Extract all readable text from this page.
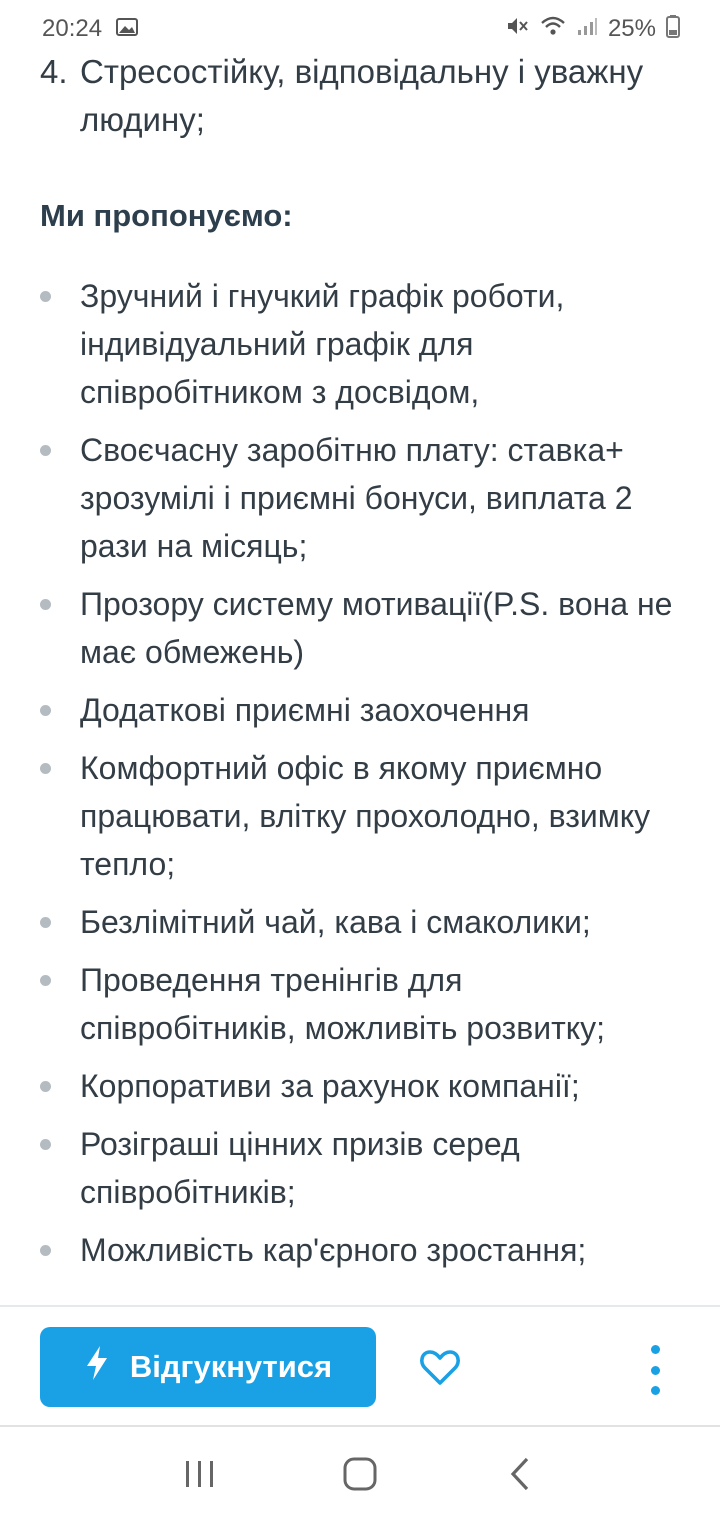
20:24	25%
4. Стресостійку, відповідальну і уважну людину;
Ми пропонуємо:
Зручний і гнучкий графік роботи, індивідуальний графік для співробітником з досвідом,
Своєчасну заробітню плату: ставка+ зрозумілі і приємні бонуси, виплата 2 рази на місяць;
Прозору систему мотивації(P.S. вона не має обмежень)
Додаткові приємні заохочення
Комфортний офіс в якому приємно працювати, влітку прохолодно, взимку тепло;
Безлімітний чай, кава і смаколики;
Проведення тренінгів для співробітників, можливіть розвитку;
Корпоративи за рахунок компанії;
Розіграші цінних призів серед співробітників;
Можливість кар'єрного зростання;
Відгукнутися
